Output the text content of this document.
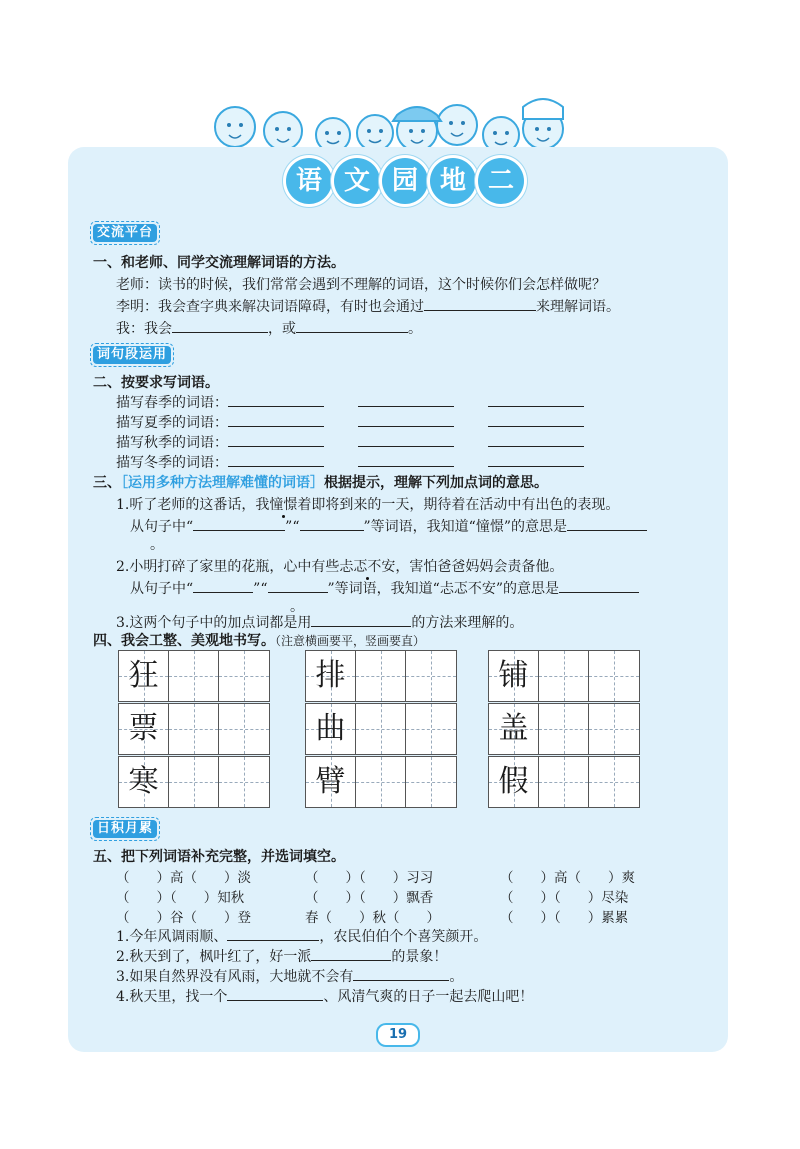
语 文 园 地 二
交流平台
一、和老师、同学交流理解词语的方法。
老师：读书的时候，我们常常会遇到不理解的词语，这个时候你们会怎样做呢？
李明：我会查字典来解决词语障碍，有时也会通过	来理解词语。
我：我会	，或	。
词句段运用
二、按要求写词语。
描写春季的词语：
描写夏季的词语：
描写秋季的词语：
描写冬季的词语：
三、［运用多种方法理解难懂的词语］根据提示，理解下列加点词的意思。
1.听了老师的这番话，我憧憬着即将到来的一天，期待着在活动中有出色的表现。
从句子中“	”“	”等词语，我知道“憧憬”的意思是
。
2.小明打碎了家里的花瓶，心中有些忐忑不安，害怕爸爸妈妈会责备他。
从句子中“	”“	”等词语，我知道“忐忑不安”的意思是
。
3.这两个句子中的加点词都是用	的方法来理解的。
四、我会工整、美观地书写。（注意横画要平，竖画要直）
狂	排	铺
票	曲	盖
寒	臂	假
日积月累
五、把下列词语补充完整，并选词填空。
（　　）高（　　）淡	（　　）（　　）习习	（　　）高（　　）爽
（　　）（　　）知秋	（　　）（　　）飘香	（　　）（　　）尽染
（　　）谷（　　）登	春（　　）秋（　　）	（　　）（　　）累累
1.今年风调雨顺、	，农民伯伯个个喜笑颜开。
2.秋天到了，枫叶红了，好一派	的景象！
3.如果自然界没有风雨，大地就不会有	。
4.秋天里，找一个	、风清气爽的日子一起去爬山吧！
19
